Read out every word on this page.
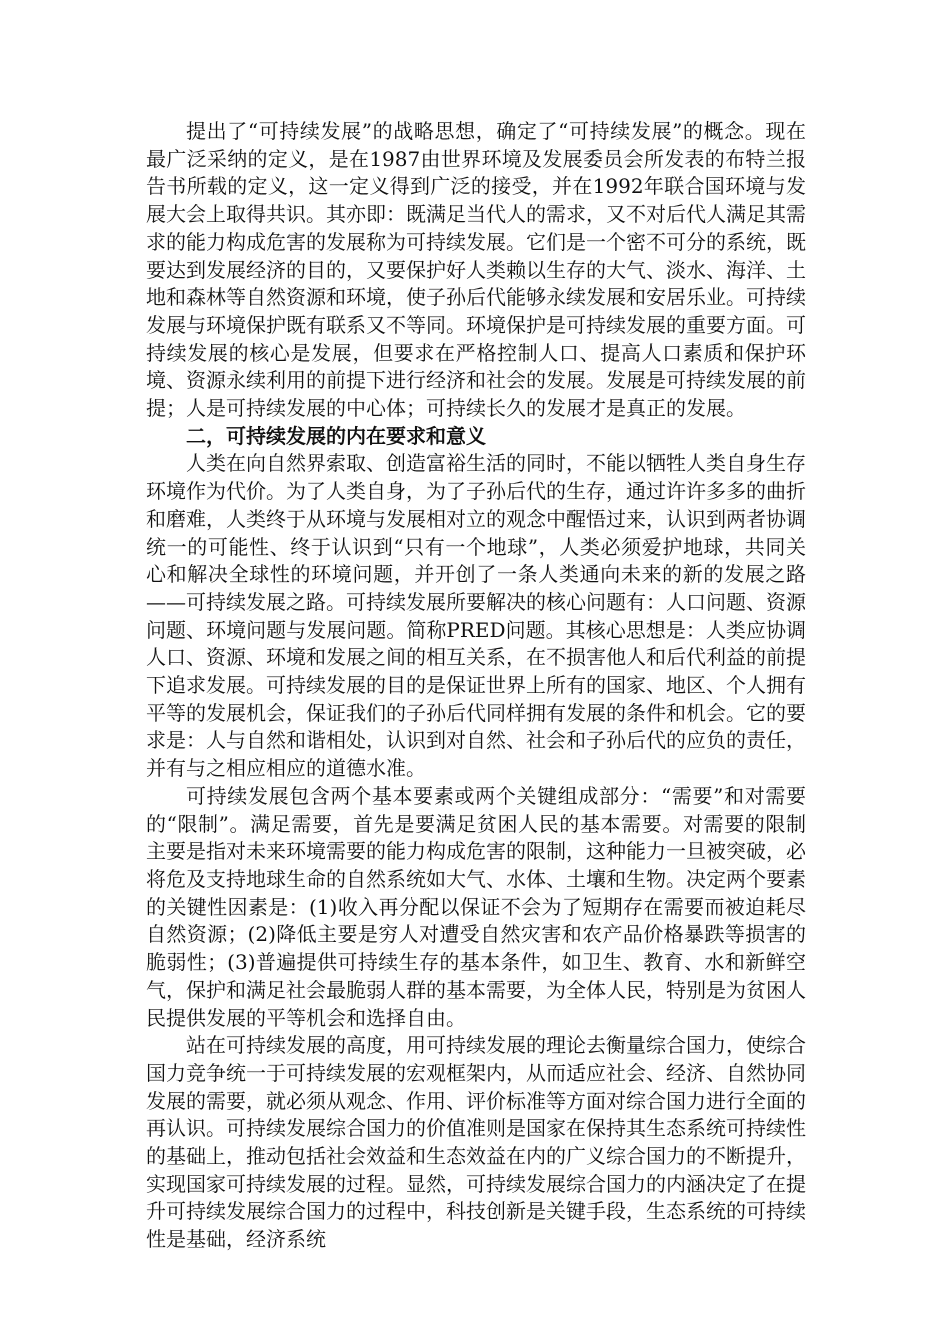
提出了“可持续发展”的战略思想，确定了“可持续发展”的概念。现在最广泛采纳的定义，是在1987由世界环境及发展委员会所发表的布特兰报告书所载的定义，这一定义得到广泛的接受，并在1992年联合国环境与发展大会上取得共识。其亦即：既满足当代人的需求，又不对后代人满足其需求的能力构成危害的发展称为可持续发展。它们是一个密不可分的系统，既要达到发展经济的目的，又要保护好人类赖以生存的大气、淡水、海洋、土地和森林等自然资源和环境，使子孙后代能够永续发展和安居乐业。可持续发展与环境保护既有联系又不等同。环境保护是可持续发展的重要方面。可持续发展的核心是发展，但要求在严格控制人口、提高人口素质和保护环境、资源永续利用的前提下进行经济和社会的发展。发展是可持续发展的前提；人是可持续发展的中心体；可持续长久的发展才是真正的发展。

二，可持续发展的内在要求和意义

人类在向自然界索取、创造富裕生活的同时，不能以牺牲人类自身生存环境作为代价。为了人类自身，为了子孙后代的生存，通过许许多多的曲折和磨难，人类终于从环境与发展相对立的观念中醒悟过来，认识到两者协调统一的可能性、终于认识到“只有一个地球”，人类必须爱护地球，共同关心和解决全球性的环境问题，并开创了一条人类通向未来的新的发展之路——可持续发展之路。可持续发展所要解决的核心问题有：人口问题、资源问题、环境问题与发展问题。简称PRED问题。其核心思想是：人类应协调人口、资源、环境和发展之间的相互关系，在不损害他人和后代利益的前提下追求发展。可持续发展的目的是保证世界上所有的国家、地区、个人拥有平等的发展机会，保证我们的子孙后代同样拥有发展的条件和机会。它的要求是：人与自然和谐相处，认识到对自然、社会和子孙后代的应负的责任，并有与之相应相应的道德水准。

可持续发展包含两个基本要素或两个关键组成部分：“需要”和对需要的“限制”。满足需要，首先是要满足贫困人民的基本需要。对需要的限制主要是指对未来环境需要的能力构成危害的限制，这种能力一旦被突破，必将危及支持地球生命的自然系统如大气、水体、土壤和生物。决定两个要素的关键性因素是：(1)收入再分配以保证不会为了短期存在需要而被迫耗尽自然资源；(2)降低主要是穷人对遭受自然灾害和农产品价格暴跌等损害的脆弱性；(3)普遍提供可持续生存的基本条件，如卫生、教育、水和新鲜空气，保护和满足社会最脆弱人群的基本需要，为全体人民，特别是为贫困人民提供发展的平等机会和选择自由。

站在可持续发展的高度，用可持续发展的理论去衡量综合国力，使综合国力竞争统一于可持续发展的宏观框架内，从而适应社会、经济、自然协同发展的需要，就必须从观念、作用、评价标准等方面对综合国力进行全面的再认识。可持续发展综合国力的价值准则是国家在保持其生态系统可持续性的基础上，推动包括社会效益和生态效益在内的广义综合国力的不断提升，实现国家可持续发展的过程。显然，可持续发展综合国力的内涵决定了在提升可持续发展综合国力的过程中，科技创新是关键手段，生态系统的可持续性是基础，经济系统
